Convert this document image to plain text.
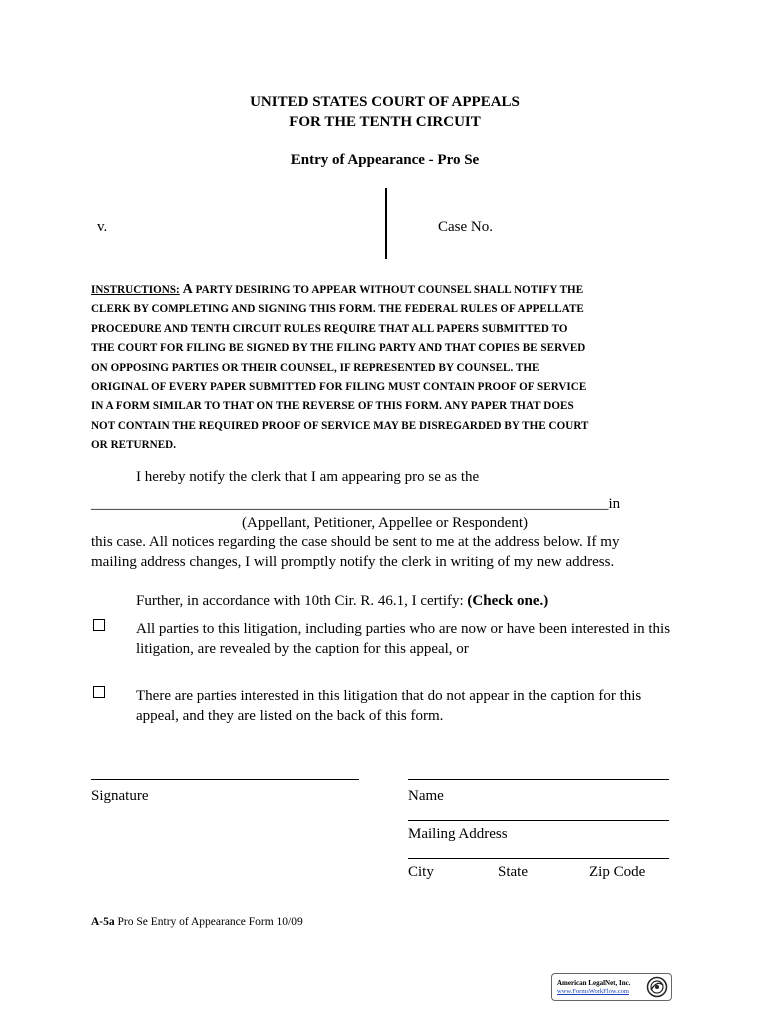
UNITED STATES COURT OF APPEALS
FOR THE TENTH CIRCUIT
Entry of Appearance - Pro Se
v.	Case No.
INSTRUCTIONS: A PARTY DESIRING TO APPEAR WITHOUT COUNSEL SHALL NOTIFY THE
CLERK BY COMPLETING AND SIGNING THIS FORM. THE FEDERAL RULES OF APPELLATE
PROCEDURE AND TENTH CIRCUIT RULES REQUIRE THAT ALL PAPERS SUBMITTED TO
THE COURT FOR FILING BE SIGNED BY THE FILING PARTY AND THAT COPIES BE SERVED
ON OPPOSING PARTIES OR THEIR COUNSEL, IF REPRESENTED BY COUNSEL. THE
ORIGINAL OF EVERY PAPER SUBMITTED FOR FILING MUST CONTAIN PROOF OF SERVICE
IN A FORM SIMILAR TO THAT ON THE REVERSE OF THIS FORM. ANY PAPER THAT DOES
NOT CONTAIN THE REQUIRED PROOF OF SERVICE MAY BE DISREGARDED BY THE COURT
OR RETURNED.
I hereby notify the clerk that I am appearing pro se as the
_____________________________________________________________________in
(Appellant, Petitioner, Appellee or Respondent)
this case. All notices regarding the case should be sent to me at the address below. If my
mailing address changes, I will promptly notify the clerk in writing of my new address.
Further, in accordance with 10th Cir. R. 46.1, I certify: (Check one.)
All parties to this litigation, including parties who are now or have been interested in this litigation, are revealed by the caption for this appeal, or
There are parties interested in this litigation that do not appear in the caption for this appeal, and they are listed on the back of this form.
Signature	Name
Mailing Address
City	State	Zip Code
A-5a Pro Se Entry of Appearance Form 10/09
American LegalNet, Inc.
www.FormsWorkFlow.com
